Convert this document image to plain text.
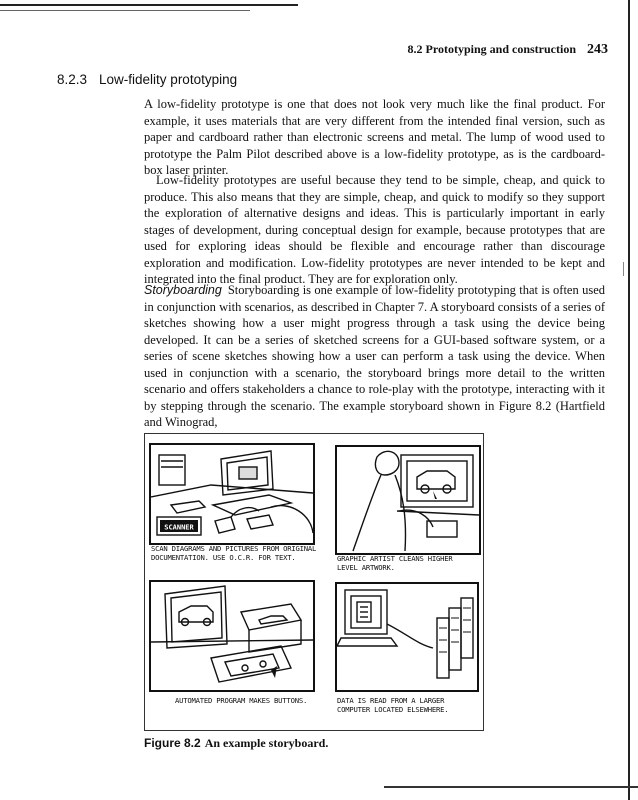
8.2 Prototyping and construction 243
8.2.3 Low-fidelity prototyping

A low-fidelity prototype is one that does not look very much like the final product. For example, it uses materials that are very different from the intended final version, such as paper and cardboard rather than electronic screens and metal. The lump of wood used to prototype the Palm Pilot described above is a low-fidelity prototype, as is the cardboard-box laser printer.

Low-fidelity prototypes are useful because they tend to be simple, cheap, and quick to produce. This also means that they are simple, cheap, and quick to modify so they support the exploration of alternative designs and ideas. This is particularly important in early stages of development, during conceptual design for example, because prototypes that are used for exploring ideas should be flexible and encourage rather than discourage exploration and modification. Low-fidelity prototypes are never intended to be kept and integrated into the final product. They are for exploration only.

Storyboarding Storyboarding is one example of low-fidelity prototyping that is often used in conjunction with scenarios, as described in Chapter 7. A storyboard consists of a series of sketches showing how a user might progress through a task using the device being developed. It can be a series of sketched screens for a GUI-based software system, or a series of scene sketches showing how a user can perform a task using the device. When used in conjunction with a scenario, the storyboard brings more detail to the written scenario and offers stakeholders a chance to role-play with the prototype, interacting with it by stepping through the scenario. The example storyboard shown in Figure 8.2 (Hartfield and Winograd,

SCANNER
SCAN DIAGRAMS AND PICTURES FROM ORIGINAL DOCUMENTATION. USE O.C.R. FOR TEXT.	GRAPHIC ARTIST CLEANS HIGHER LEVEL ARTWORK.
AUTOMATED PROGRAM MAKES BUTTONS.	DATA IS READ FROM A LARGER COMPUTER LOCATED ELSEWHERE.
Figure 8.2 An example storyboard.
